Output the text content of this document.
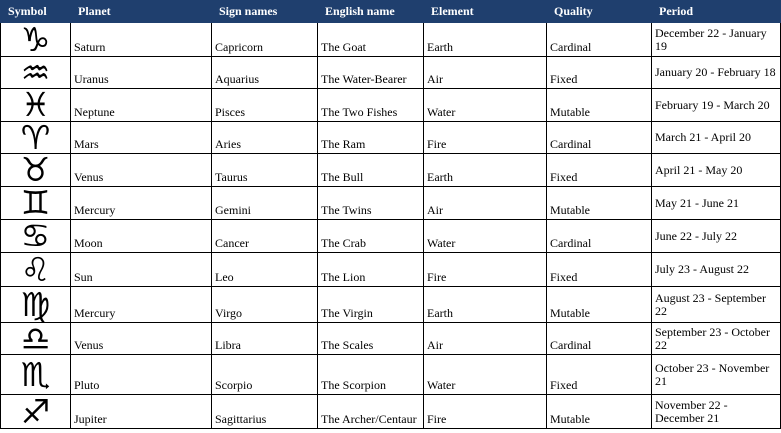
Symbol	Planet	Sign names	English name	Element	Quality	Period
♑	Saturn	Capricorn	The Goat	Earth	Cardinal	December 22 - January 19
♒	Uranus	Aquarius	The Water-Bearer	Air	Fixed	January 20 - February 18
♓	Neptune	Pisces	The Two Fishes	Water	Mutable	February 19 - March 20
♈	Mars	Aries	The Ram	Fire	Cardinal	March 21 - April 20
♉	Venus	Taurus	The Bull	Earth	Fixed	April 21 - May 20
♊	Mercury	Gemini	The Twins	Air	Mutable	May 21 - June 21
♋	Moon	Cancer	The Crab	Water	Cardinal	June 22 - July 22
♌	Sun	Leo	The Lion	Fire	Fixed	July 23 - August 22
♍	Mercury	Virgo	The Virgin	Earth	Mutable	August 23 - September 22
♎	Venus	Libra	The Scales	Air	Cardinal	September 23 - October 22
♏	Pluto	Scorpio	The Scorpion	Water	Fixed	October 23 - November 21
♐	Jupiter	Sagittarius	The Archer/Centaur	Fire	Mutable	November 22 - December 21
